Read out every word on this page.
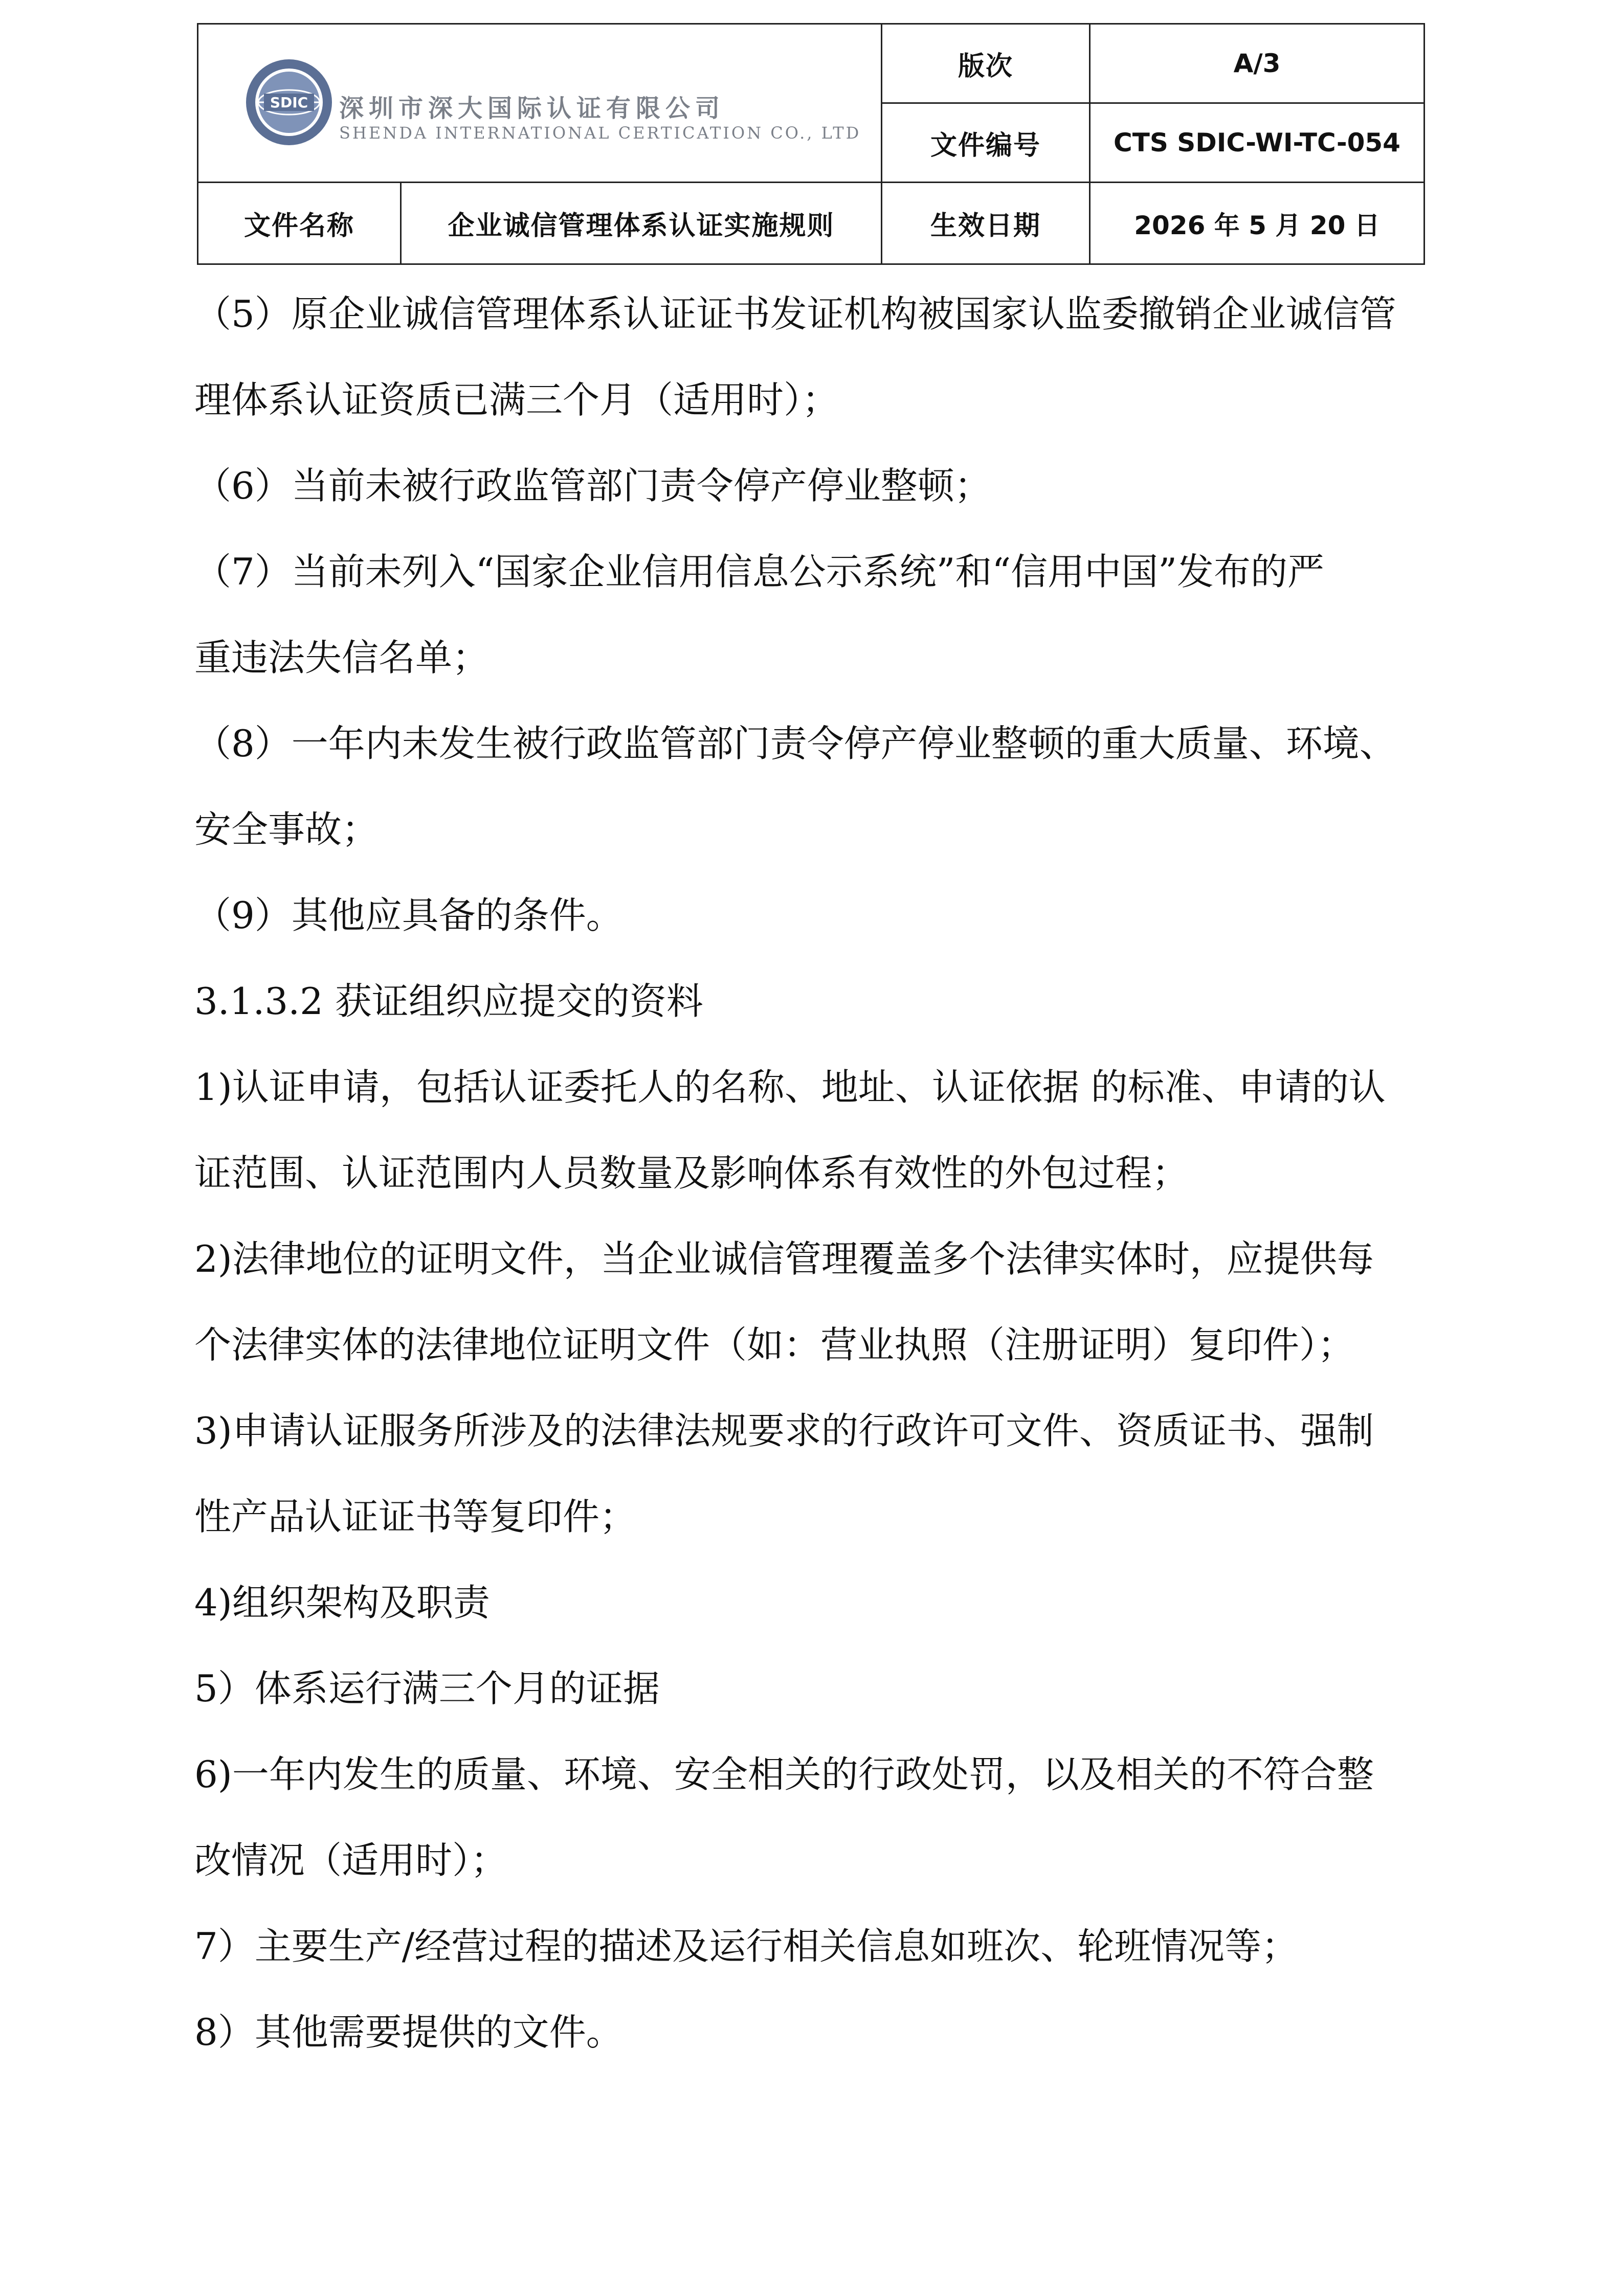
SDIC 深圳市深大国际认证有限公司
SHENDA INTERNATIONAL CERTICATION CO., LTD		版次	A/3
		文件编号	CTS SDIC-WI-TC-054
文件名称	企业诚信管理体系认证实施规则	生效日期	2026 年 5 月 20 日
（5）原企业诚信管理体系认证证书发证机构被国家认监委撤销企业诚信管
理体系认证资质已满三个月（适用时）；
（6）当前未被行政监管部门责令停产停业整顿；
（7）当前未列入“国家企业信用信息公示系统”和“信用中国”发布的严
重违法失信名单；
（8）一年内未发生被行政监管部门责令停产停业整顿的重大质量、环境、
安全事故；
（9）其他应具备的条件。
3.1.3.2 获证组织应提交的资料
1)认证申请，包括认证委托人的名称、地址、认证依据 的标准、申请的认
证范围、认证范围内人员数量及影响体系有效性的外包过程；
2)法律地位的证明文件，当企业诚信管理覆盖多个法律实体时，应提供每
个法律实体的法律地位证明文件（如：营业执照（注册证明）复印件）；
3)申请认证服务所涉及的法律法规要求的行政许可文件、资质证书、强制
性产品认证证书等复印件；
4)组织架构及职责
5）体系运行满三个月的证据
6)一年内发生的质量、环境、安全相关的行政处罚，以及相关的不符合整
改情况（适用时）；
7）主要生产/经营过程的描述及运行相关信息如班次、轮班情况等；
8）其他需要提供的文件。
